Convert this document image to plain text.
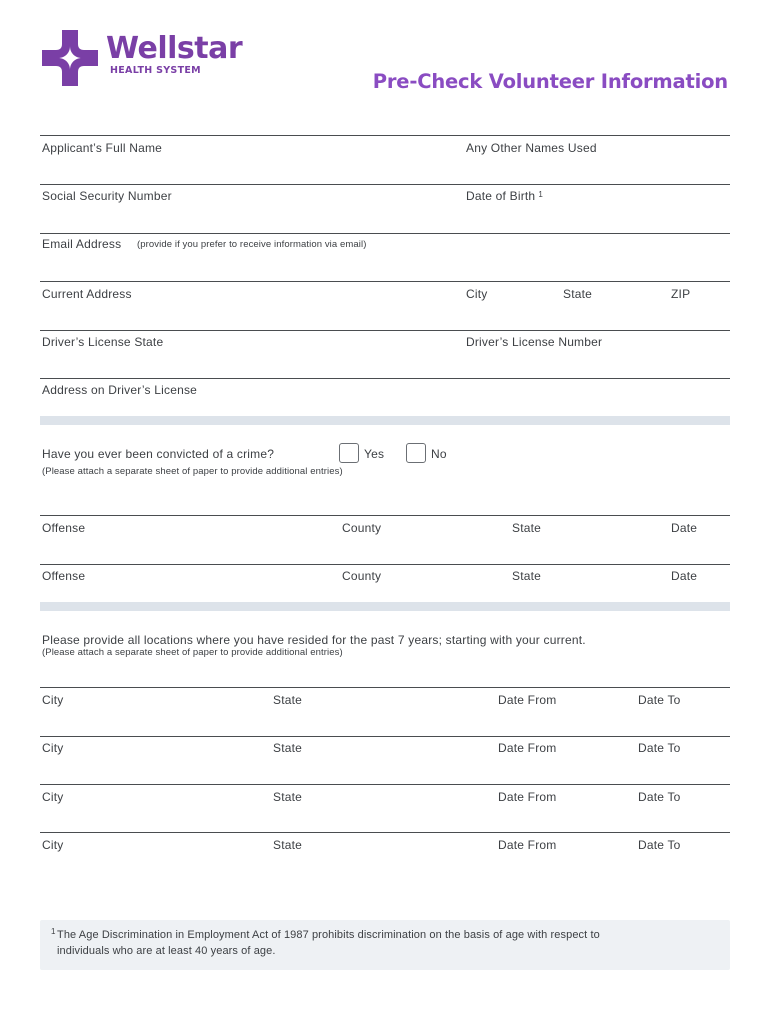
Wellstar
HEALTH SYSTEM	Pre-Check Volunteer Information
Applicant’s Full Name	Any Other Names Used
Social Security Number	Date of Birth $^1$
Email Address (provide if you prefer to receive information via email)
Current Address	City	State	ZIP
Driver’s License State	Driver’s License Number
Address on Driver’s License
Have you ever been convicted of a crime?	Yes	No
(Please attach a separate sheet of paper to provide additional entries)
Offense	County	State	Date
Offense	County	State	Date
Please provide all locations where you have resided for the past 7 years; starting with your current.
(Please attach a separate sheet of paper to provide additional entries)
City	State	Date From	Date To
City	State	Date From	Date To
City	State	Date From	Date To
City	State	Date From	Date To
1 The Age Discrimination in Employment Act of 1987 prohibits discrimination on the basis of age with respect to
individuals who are at least 40 years of age.
